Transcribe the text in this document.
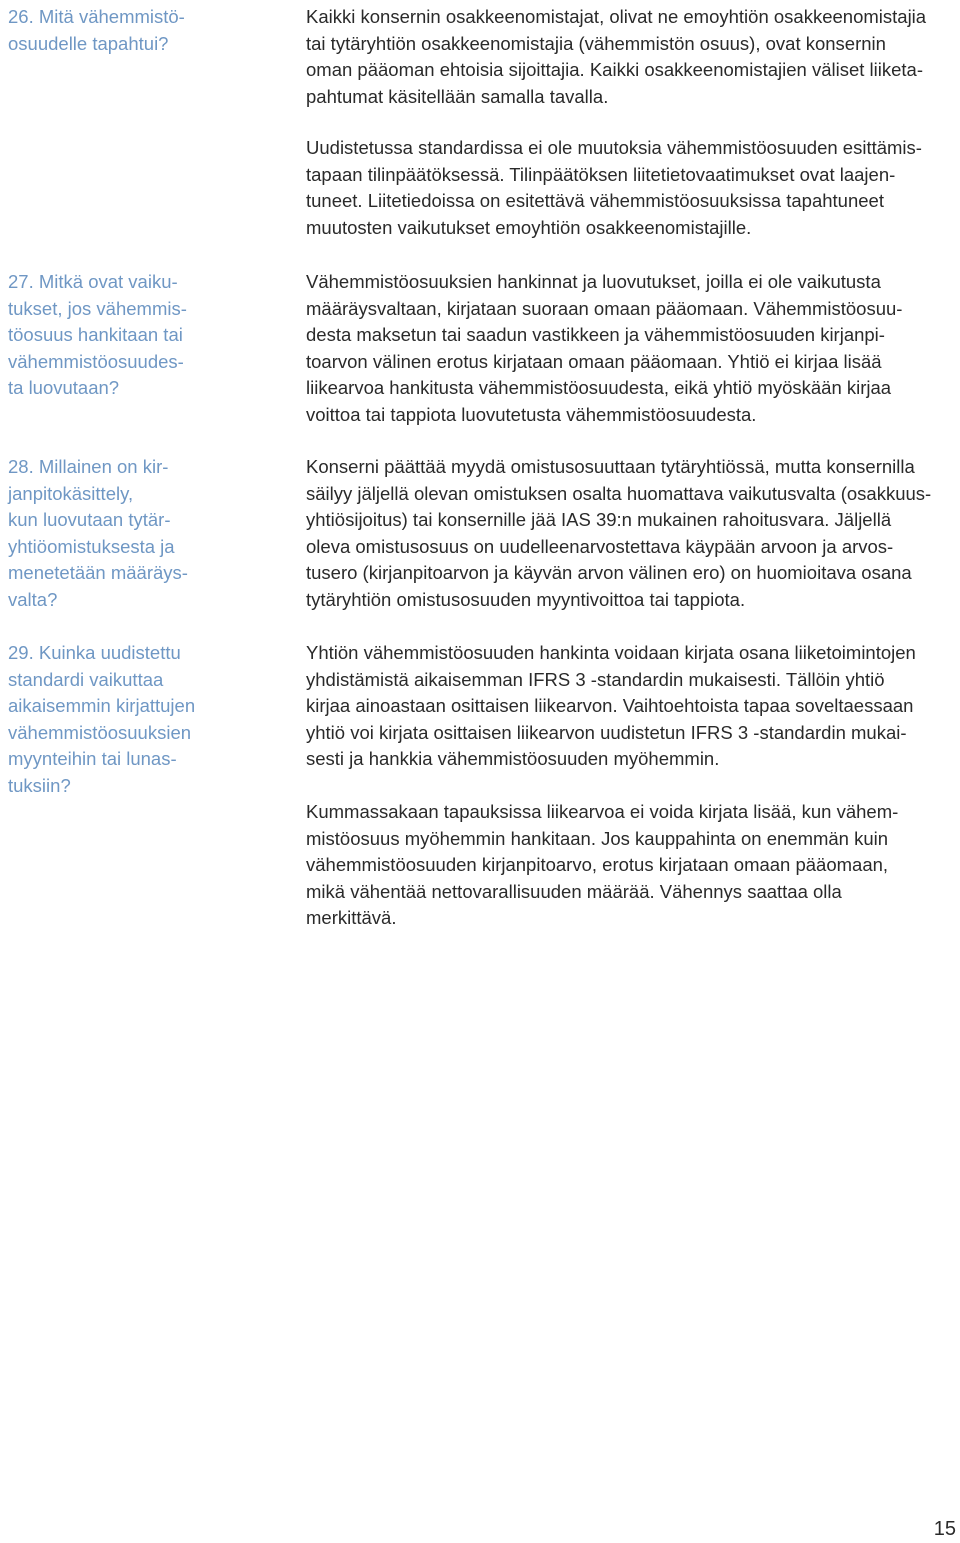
26. Mitä vähemmistö-
osuudelle tapahtui?
27. Mitkä ovat vaiku-
tukset, jos vähemmis-
töosuus hankitaan tai
vähemmistöosuudes-
ta luovutaan?
28. Millainen on kir-
janpitokäsittely,
kun luovutaan tytär-
yhtiöomistuksesta ja
menetetään määräys-
valta?
29. Kuinka uudistettu
standardi vaikuttaa
aikaisemmin kirjattujen
vähemmistöosuuksien
myynteihin tai lunas-
tuksiin?

Kaikki konsernin osakkeenomistajat, olivat ne emoyhtiön osakkeenomistajia
tai tytäryhtiön osakkeenomistajia (vähemmistön osuus), ovat konsernin
oman pääoman ehtoisia sijoittajia. Kaikki osakkeenomistajien väliset liiketa-
pahtumat käsitellään samalla tavalla.

Uudistetussa standardissa ei ole muutoksia vähemmistöosuuden esittämis-
tapaan tilinpäätöksessä. Tilinpäätöksen liitetietovaatimukset ovat laajen-
tuneet. Liitetiedoissa on esitettävä vähemmistöosuuksissa tapahtuneet
muutosten vaikutukset emoyhtiön osakkeenomistajille.

Vähemmistöosuuksien hankinnat ja luovutukset, joilla ei ole vaikutusta
määräysvaltaan, kirjataan suoraan omaan pääomaan. Vähemmistöosuu-
desta maksetun tai saadun vastikkeen ja vähemmistöosuuden kirjanpi-
toarvon välinen erotus kirjataan omaan pääomaan. Yhtiö ei kirjaa lisää
liikearvoa hankitusta vähemmistöosuudesta, eikä yhtiö myöskään kirjaa
voittoa tai tappiota luovutetusta vähemmistöosuudesta.

Konserni päättää myydä omistusosuuttaan tytäryhtiössä, mutta konsernilla
säilyy jäljellä olevan omistuksen osalta huomattava vaikutusvalta (osakkuus-
yhtiösijoitus) tai konsernille jää IAS 39:n mukainen rahoitusvara. Jäljellä
oleva omistusosuus on uudelleenarvostettava käypään arvoon ja arvos-
tusero (kirjanpitoarvon ja käyvän arvon välinen ero) on huomioitava osana
tytäryhtiön omistusosuuden myyntivoittoa tai tappiota.

Yhtiön vähemmistöosuuden hankinta voidaan kirjata osana liiketoimintojen
yhdistämistä aikaisemman IFRS 3 -standardin mukaisesti. Tällöin yhtiö
kirjaa ainoastaan osittaisen liikearvon. Vaihtoehtoista tapaa soveltaessaan
yhtiö voi kirjata osittaisen liikearvon uudistetun IFRS 3 -standardin mukai-
sesti ja hankkia vähemmistöosuuden myöhemmin.

Kummassakaan tapauksissa liikearvoa ei voida kirjata lisää, kun vähem-
mistöosuus myöhemmin hankitaan. Jos kauppahinta on enemmän kuin
vähemmistöosuuden kirjanpitoarvo, erotus kirjataan omaan pääomaan,
mikä vähentää nettovarallisuuden määrää. Vähennys saattaa olla
merkittävä.

15
